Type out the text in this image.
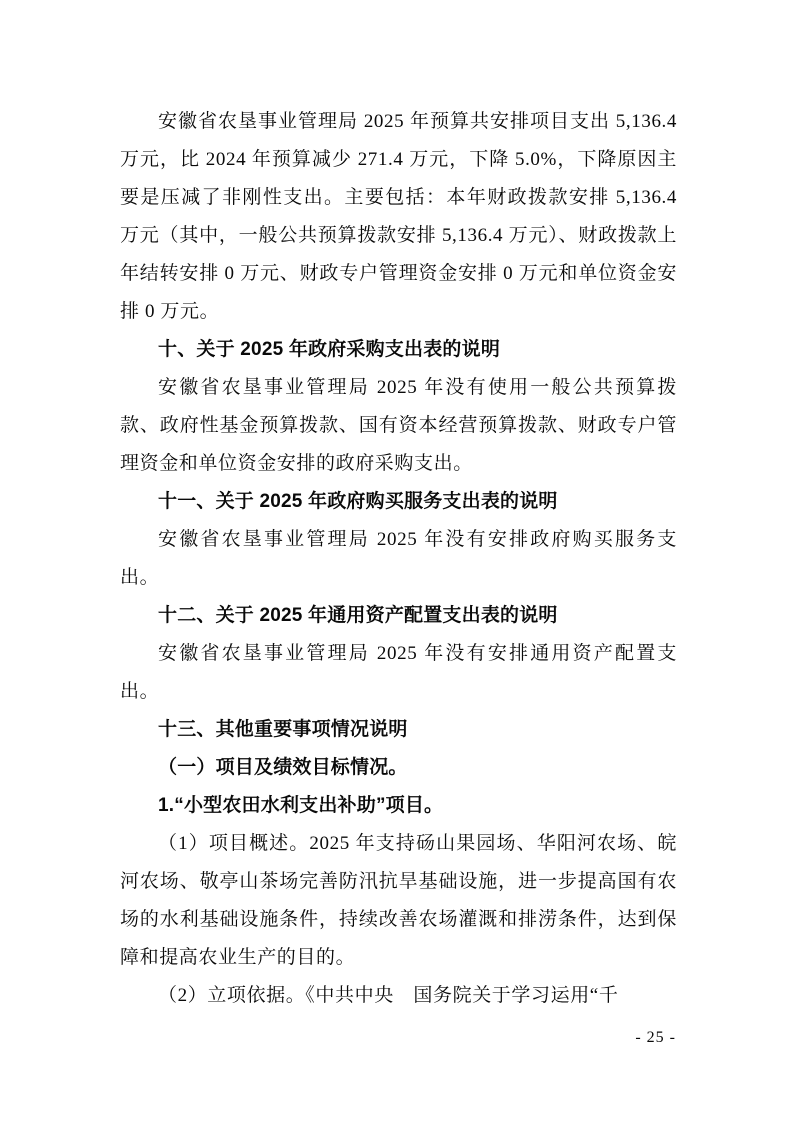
安徽省农垦事业管理局 2025 年预算共安排项目支出 5,136.4 万元，比 2024 年预算减少 271.4 万元，下降 5.0%，下降原因主要是压减了非刚性支出。主要包括：本年财政拨款安排 5,136.4 万元（其中，一般公共预算拨款安排 5,136.4 万元）、财政拨款上年结转安排 0 万元、财政专户管理资金安排 0 万元和单位资金安排 0 万元。

十、关于 2025 年政府采购支出表的说明

安徽省农垦事业管理局 2025 年没有使用一般公共预算拨款、政府性基金预算拨款、国有资本经营预算拨款、财政专户管理资金和单位资金安排的政府采购支出。

十一、关于 2025 年政府购买服务支出表的说明

安徽省农垦事业管理局 2025 年没有安排政府购买服务支出。

十二、关于 2025 年通用资产配置支出表的说明

安徽省农垦事业管理局 2025 年没有安排通用资产配置支出。

十三、其他重要事项情况说明

（一）项目及绩效目标情况。

1.“小型农田水利支出补助”项目。

（1）项目概述。2025 年支持砀山果园场、华阳河农场、皖河农场、敬亭山茶场完善防汛抗旱基础设施，进一步提高国有农场的水利基础设施条件，持续改善农场灌溉和排涝条件，达到保障和提高农业生产的目的。

（2）立项依据。《中共中央　国务院关于学习运用“千

- 25 -
